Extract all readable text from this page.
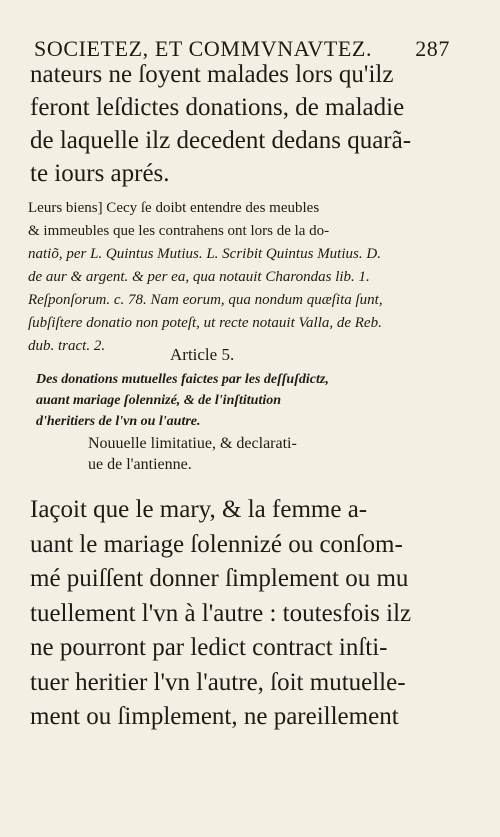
SOCIETEZ, ET COMMVNAVTEZ. 287
nateurs ne ſoyent malades lors qu'ilz
feront leſdictes donations, de maladie
de laquelle ilz decedent dedans quarã-
te iours aprés.
Leurs biens] Cecy ſe doibt entendre des meubles
& immeubles que les contrahens ont lors de la do-
natiõ, per L. Quintus Mutius. L. Scribit Quintus Mutius. D.
de aur & argent. & per ea, qua notauit Charondas lib. 1.
Reſponſorum. c. 78. Nam eorum, qua nondum quæſita ſunt,
ſubſiſtere donatio non poteſt, ut recte notauit Valla, de Reb.
dub. tract. 2.	Article 5.
Des donations mutuelles faictes par les deſſuſdictz,
auant mariage ſolennizé, & de l'inſtitution
d'heritiers de l'vn ou l'autre.
Nouuelle limitatiue, & declarati-
ue de l'antienne.
Iaçoit que le mary, & la femme a-
uant le mariage ſolennizé ou conſom-
mé puiſſent donner ſimplement ou mu
tuellement l'vn à l'autre : toutesfois ilz
ne pourront par ledict contract inſti-
tuer heritier l'vn l'autre, ſoit mutuelle-
ment ou ſimplement, ne pareillement
